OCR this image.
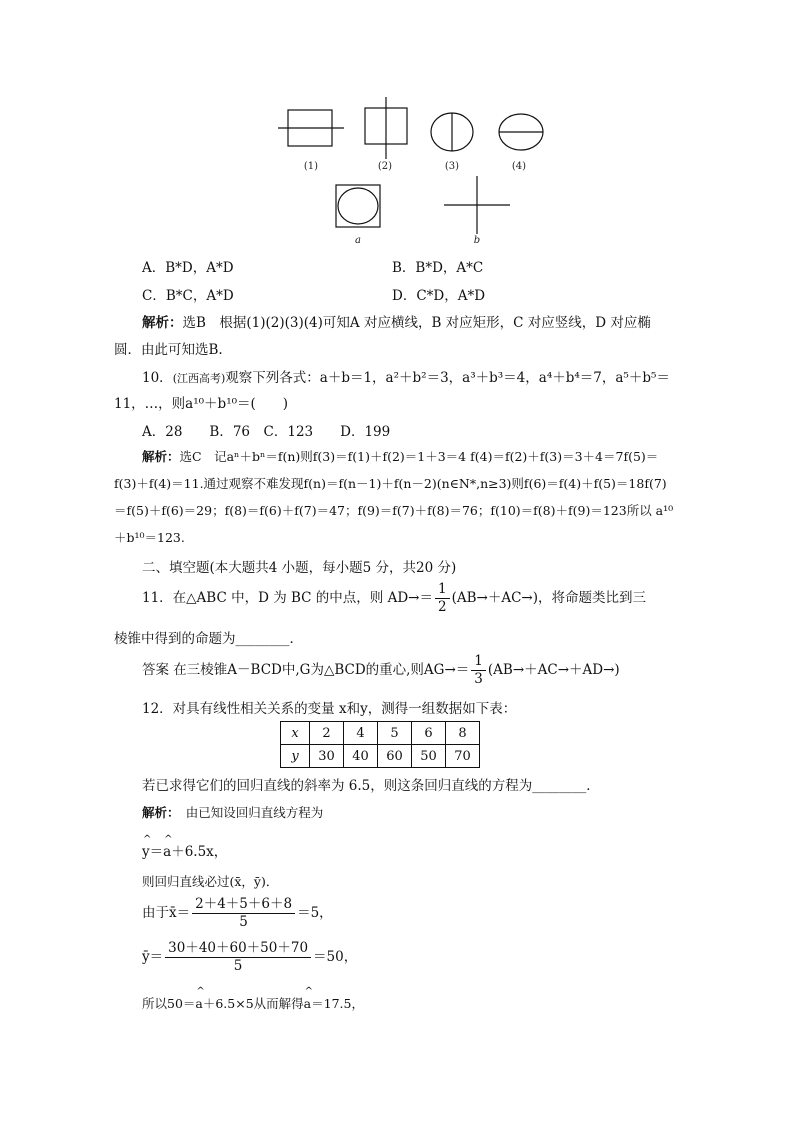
(1)	(2)	(3)	(4)
a	b
A．B*D，A*D	B．B*D，A*C
C．B*C，A*D	D．C*D，A*D
解析：选B　根据(1)(2)(3)(4)可知A 对应横线，B 对应矩形，C 对应竖线，D 对应椭
圆．由此可知选B.
10．(江西高考)观察下列各式：a＋b＝1，a²＋b²＝3，a³＋b³＝4，a⁴＋b⁴＝7，a⁵＋b⁵＝
11，…，则a¹⁰＋b¹⁰＝(　　)
A．28　　B．76　C．123　　D．199
解析：选C　记aⁿ＋bⁿ＝f(n)则f(3)＝f(1)＋f(2)＝1＋3＝4 f(4)＝f(2)＋f(3)＝3＋4＝7f(5)＝
f(3)＋f(4)＝11.通过观察不难发现f(n)＝f(n－1)＋f(n－2)(n∈N*,n≥3)则f(6)＝f(4)＋f(5)＝18f(7)
＝f(5)＋f(6)＝29；f(8)＝f(6)＋f(7)＝47；f(9)＝f(7)＋f(8)＝76；f(10)＝f(8)＋f(9)＝123所以 a¹⁰
＋b¹⁰＝123.
二、填空题(本大题共4 小题，每小题5 分，共20 分)
11．在△ABC 中，D 为 BC 的中点，则 $AD\to= \frac{1}{2} (AB\to+AC\to)$，将命题类比到三
棱锥中得到的命题为________．
答案 在三棱锥A－BCD中,G为△BCD的重心,则$AG\to= \frac{1}{3} (AB\to+AC\to+AD\to)$
12．对具有线性相关关系的变量 x和y，测得一组数据如下表：
x	2	4	5	6	8
y	30	40	60	50	70
若已求得它们的回归直线的斜率为 6.5，则这条回归直线的方程为________．
解析：　 由已知设回归直线方程为
^ y＝^ a＋6.5x，
则回归直线必过(x̄，ȳ)．
由于x̄＝ $\frac{2+4+5+6+8}{5} =5$，
ȳ＝ $\frac{30+40+60+50+70}{5} =50$，
所以50＝^ a＋6.5×5从而解得^ a＝17.5，
